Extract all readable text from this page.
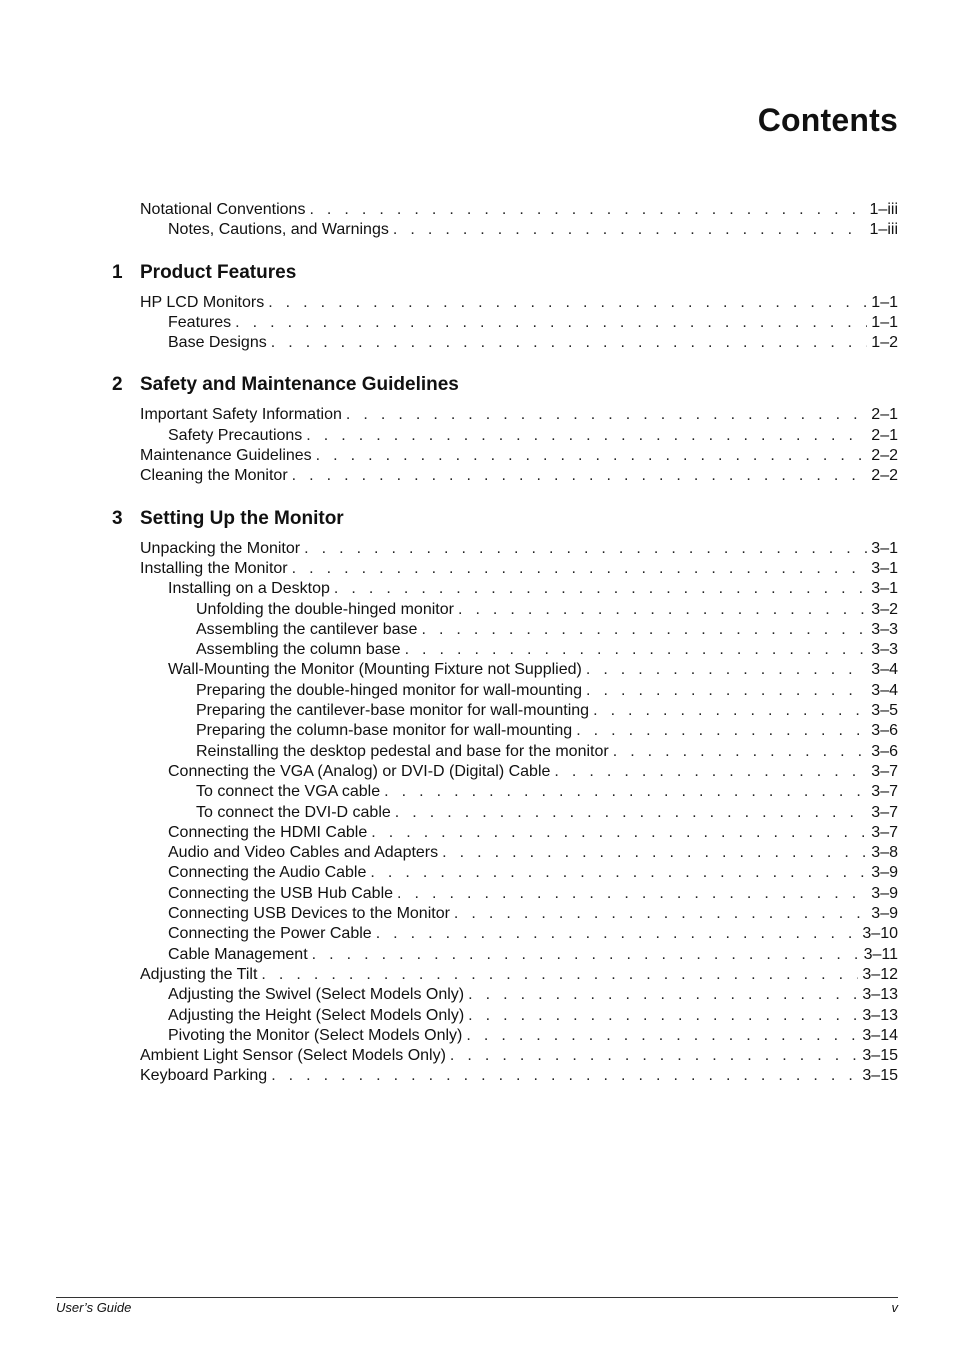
Contents
Notational Conventions . . .	1–iii
Notes, Cautions, and Warnings . . .	1–iii
1 Product Features
HP LCD Monitors . . .	1–1
Features . . .	1–1
Base Designs . . .	1–2
2 Safety and Maintenance Guidelines
Important Safety Information . . .	2–1
Safety Precautions . . .	2–1
Maintenance Guidelines . . .	2–2
Cleaning the Monitor . . .	2–2
3 Setting Up the Monitor
Unpacking the Monitor . . .	3–1
Installing the Monitor . . .	3–1
Installing on a Desktop . . .	3–1
Unfolding the double-hinged monitor . . .	3–2
Assembling the cantilever base . . .	3–3
Assembling the column base . . .	3–3
Wall-Mounting the Monitor (Mounting Fixture not Supplied) . . .	3–4
Preparing the double-hinged monitor for wall-mounting . . .	3–4
Preparing the cantilever-base monitor for wall-mounting . . .	3–5
Preparing the column-base monitor for wall-mounting . . .	3–6
Reinstalling the desktop pedestal and base for the monitor . . .	3–6
Connecting the VGA (Analog) or DVI-D (Digital) Cable . . .	3–7
To connect the VGA cable . . .	3–7
To connect the DVI-D cable . . .	3–7
Connecting the HDMI Cable . . .	3–7
Audio and Video Cables and Adapters . . .	3–8
Connecting the Audio Cable . . .	3–9
Connecting the USB Hub Cable . . .	3–9
Connecting USB Devices to the Monitor . . .	3–9
Connecting the Power Cable . . .	3–10
Cable Management . . .	3–11
Adjusting the Tilt . . .	3–12
Adjusting the Swivel (Select Models Only) . . .	3–13
Adjusting the Height (Select Models Only) . . .	3–13
Pivoting the Monitor (Select Models Only) . . .	3–14
Ambient Light Sensor (Select Models Only) . . .	3–15
Keyboard Parking . . .	3–15
User’s Guide	v
